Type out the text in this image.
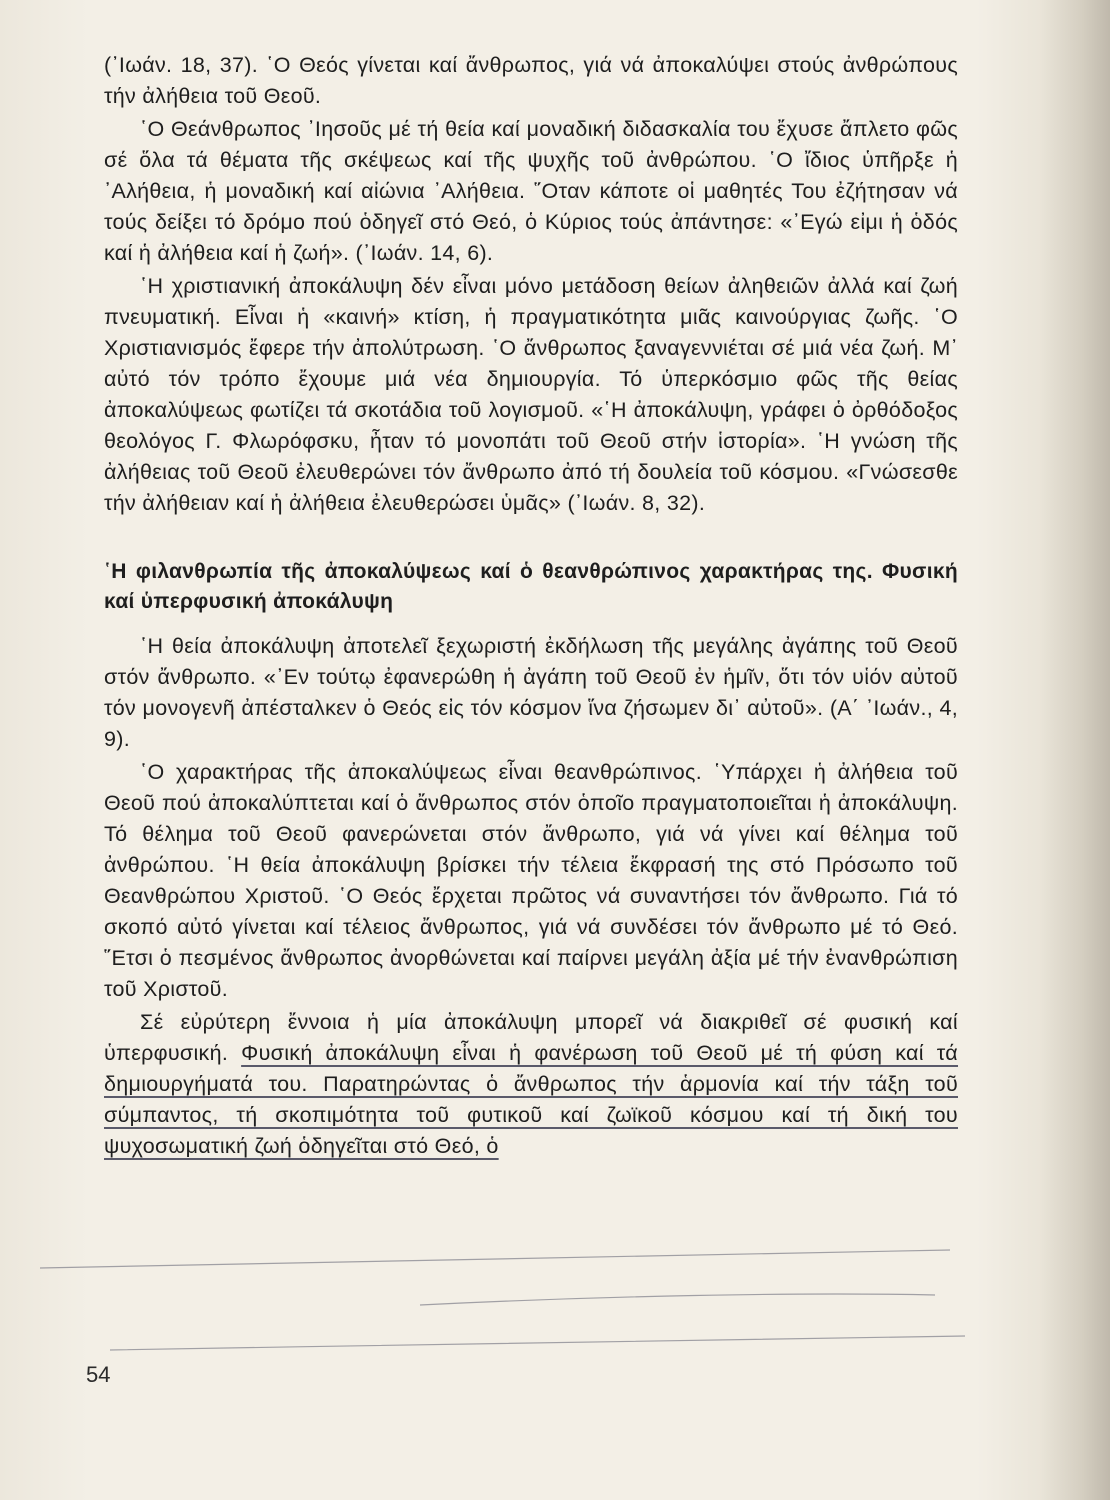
(᾿Ιωάν. 18, 37). ῾Ο Θεός γίνεται καί ἄνθρωπος, γιά νά ἀποκαλύψει στούς ἀνθρώπους τήν ἀλήθεια τοῦ Θεοῦ.

῾Ο Θεάνθρωπος ᾿Ιησοῦς μέ τή θεία καί μοναδική διδασκαλία του ἔχυσε ἄπλετο φῶς σέ ὅλα τά θέματα τῆς σκέψεως καί τῆς ψυχῆς τοῦ ἀνθρώπου. ῾Ο ἴδιος ὑπῆρξε ἡ ᾿Αλήθεια, ἡ μοναδική καί αἰώνια ᾿Αλήθεια. ῞Οταν κάποτε οἱ μαθητές Του ἐζήτησαν νά τούς δείξει τό δρόμο πού ὁδηγεῖ στό Θεό, ὁ Κύριος τούς ἀπάντησε: «᾿Εγώ εἰμι ἡ ὁδός καί ἡ ἀλήθεια καί ἡ ζωή». (᾿Ιωάν. 14, 6).

῾Η χριστιανική ἀποκάλυψη δέν εἶναι μόνο μετάδοση θείων ἀληθειῶν ἀλλά καί ζωή πνευματική. Εἶναι ἡ «καινή» κτίση, ἡ πραγματικότητα μιᾶς καινούργιας ζωῆς. ῾Ο Χριστιανισμός ἔφερε τήν ἀπολύτρωση. ῾Ο ἄνθρωπος ξαναγεννιέται σέ μιά νέα ζωή. Μ᾿ αὐτό τόν τρόπο ἔχουμε μιά νέα δημιουργία. Τό ὑπερκόσμιο φῶς τῆς θείας ἀποκαλύψεως φωτίζει τά σκοτάδια τοῦ λογισμοῦ. «῾Η ἀποκάλυψη, γράφει ὁ ὀρθόδοξος θεολόγος Γ. Φλωρόφσκυ, ἦταν τό μονοπάτι τοῦ Θεοῦ στήν ἱστορία». ῾Η γνώση τῆς ἀλήθειας τοῦ Θεοῦ ἐλευθερώνει τόν ἄνθρωπο ἀπό τή δουλεία τοῦ κόσμου. «Γνώσεσθε τήν ἀλήθειαν καί ἡ ἀλήθεια ἐλευθερώσει ὑμᾶς» (᾿Ιωάν. 8, 32).

῾Η φιλανθρωπία τῆς ἀποκαλύψεως καί ὁ θεανθρώπινος χαρακτήρας της. Φυσική καί ὑπερφυσική ἀποκάλυψη

῾Η θεία ἀποκάλυψη ἀποτελεῖ ξεχωριστή ἐκδήλωση τῆς μεγάλης ἀγάπης τοῦ Θεοῦ στόν ἄνθρωπο. «᾿Εν τούτῳ ἐφανερώθη ἡ ἀγάπη τοῦ Θεοῦ ἐν ἡμῖν, ὅτι τόν υἱόν αὐτοῦ τόν μονογενῆ ἀπέσταλκεν ὁ Θεός εἰς τόν κόσμον ἵνα ζήσωμεν δι᾿ αὐτοῦ». (Α΄ ᾿Ιωάν., 4, 9).

῾Ο χαρακτήρας τῆς ἀποκαλύψεως εἶναι θεανθρώπινος. ῾Υπάρχει ἡ ἀλήθεια τοῦ Θεοῦ πού ἀποκαλύπτεται καί ὁ ἄνθρωπος στόν ὁποῖο πραγματοποιεῖται ἡ ἀποκάλυψη. Τό θέλημα τοῦ Θεοῦ φανερώνεται στόν ἄνθρωπο, γιά νά γίνει καί θέλημα τοῦ ἀνθρώπου. ῾Η θεία ἀποκάλυψη βρίσκει τήν τέλεια ἔκφρασή της στό Πρόσωπο τοῦ Θεανθρώπου Χριστοῦ. ῾Ο Θεός ἔρχεται πρῶτος νά συναντήσει τόν ἄνθρωπο. Γιά τό σκοπό αὐτό γίνεται καί τέλειος ἄνθρωπος, γιά νά συνδέσει τόν ἄνθρωπο μέ τό Θεό. ῞Ετσι ὁ πεσμένος ἄνθρωπος ἀνορθώνεται καί παίρνει μεγάλη ἀξία μέ τήν ἐνανθρώπιση τοῦ Χριστοῦ.

Σέ εὐρύτερη ἔννοια ἡ μία ἀποκάλυψη μπορεῖ νά διακριθεῖ σέ φυσική καί ὑπερφυσική. Φυσική ἀποκάλυψη εἶναι ἡ φανέρωση τοῦ Θεοῦ μέ τή φύση καί τά δημιουργήματά του. Παρατηρώντας ὁ ἄνθρωπος τήν ἁρμονία καί τήν τάξη τοῦ σύμπαντος, τή σκοπιμότητα τοῦ φυτικοῦ καί ζωϊκοῦ κόσμου καί τή δική του ψυχοσωματική ζωή ὁδηγεῖται στό Θεό, ὁ

54
